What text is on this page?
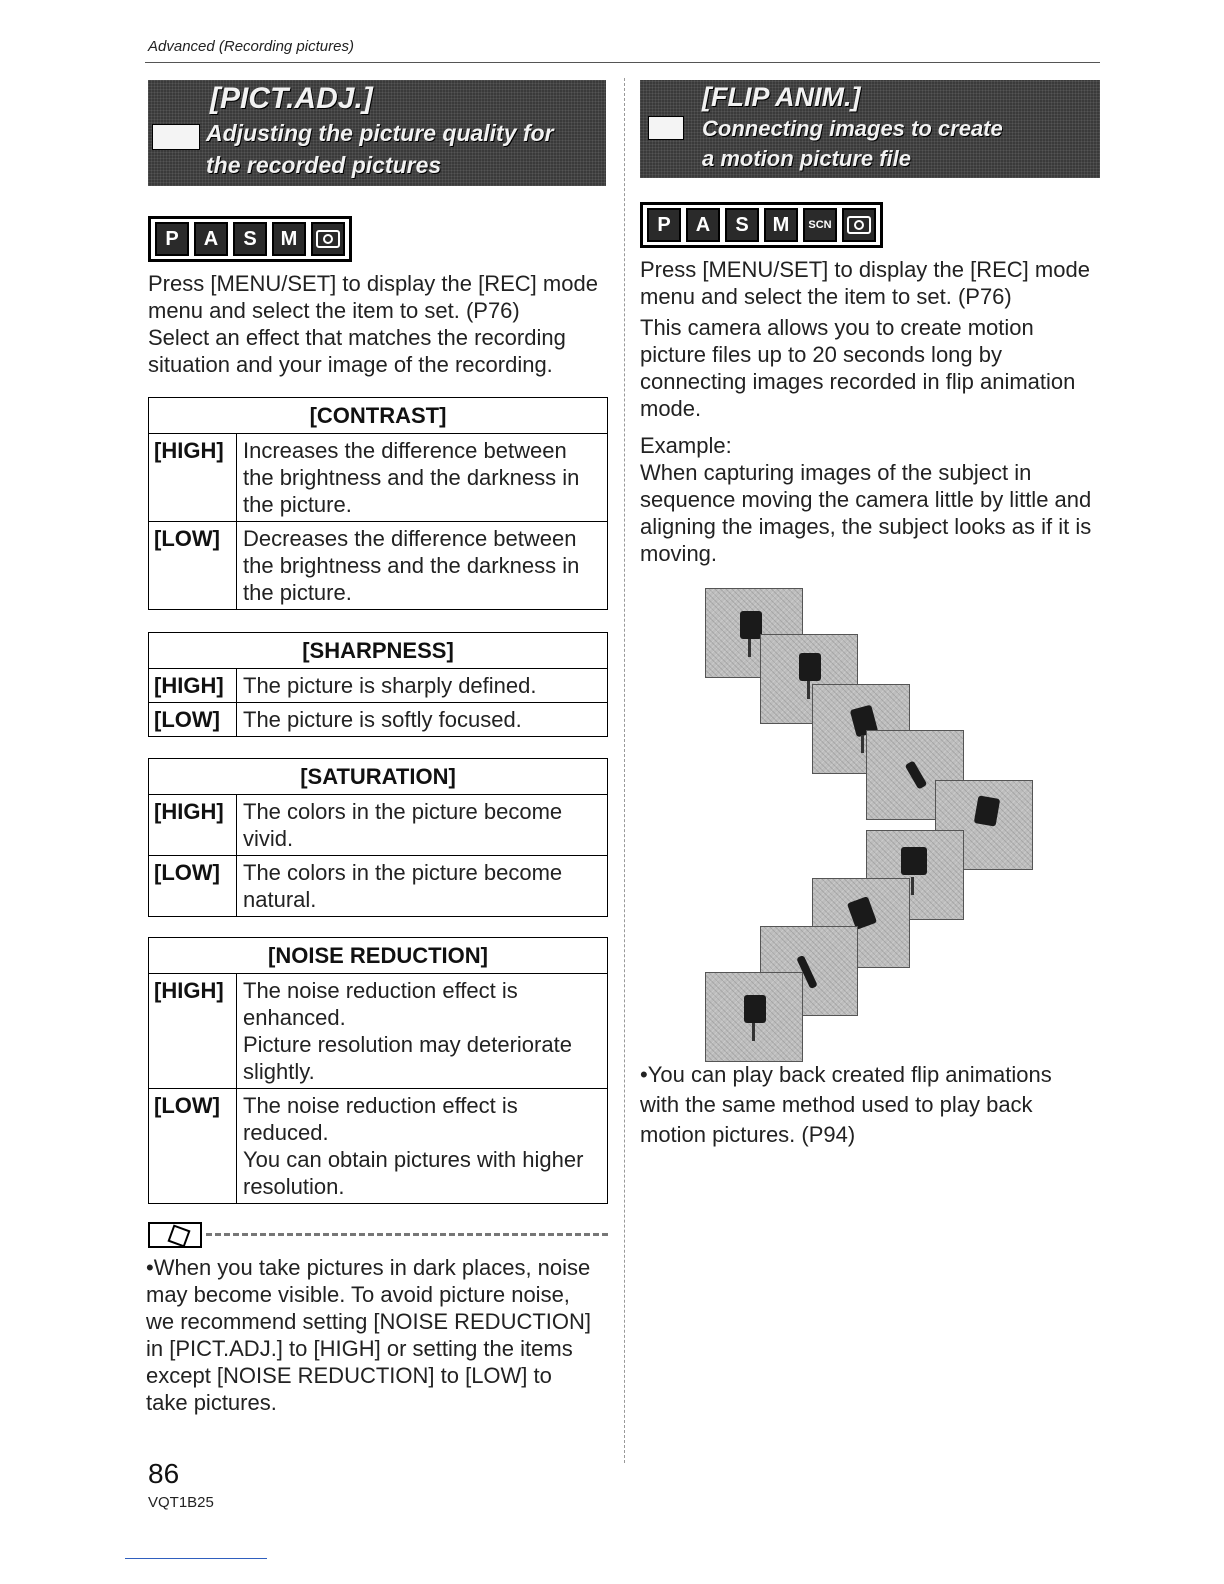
Advanced (Recording pictures)
[PICT.ADJ.]
Adjusting the picture quality for
the recorded pictures
P	A	S	M

Press [MENU/SET] to display the [REC] mode menu and select the item to set. (P76)

Select an effect that matches the recording situation and your image of the recording.

[CONTRAST]	
[HIGH]	Increases the difference between the brightness and the darkness in the picture.
[LOW]	Decreases the difference between the brightness and the darkness in the picture.
[SHARPNESS]	
[HIGH]	The picture is sharply defined.
[LOW]	The picture is softly focused.
[SATURATION]	
[HIGH]	The colors in the picture become vivid.
[LOW]	The colors in the picture become natural.
[NOISE REDUCTION]	
[HIGH]	The noise reduction effect is enhanced.
Picture resolution may deteriorate slightly.

[LOW]	The noise reduction effect is reduced.
You can obtain pictures with higher resolution.
•When you take pictures in dark places, noise may become visible. To avoid picture noise, we recommend setting [NOISE REDUCTION] in [PICT.ADJ.] to [HIGH] or setting the items except [NOISE REDUCTION] to [LOW] to take pictures.
[FLIP ANIM.]
Connecting images to create
a motion picture file
P	A	S	M	SCN

Press [MENU/SET] to display the [REC] mode menu and select the item to set. (P76)

This camera allows you to create motion picture files up to 20 seconds long by connecting images recorded in flip animation mode.

Example:

When capturing images of the subject in sequence moving the camera little by little and aligning the images, the subject looks as if it is moving.

•You can play back created flip animations with the same method used to play back motion pictures. (P94)
86
VQT1B25
